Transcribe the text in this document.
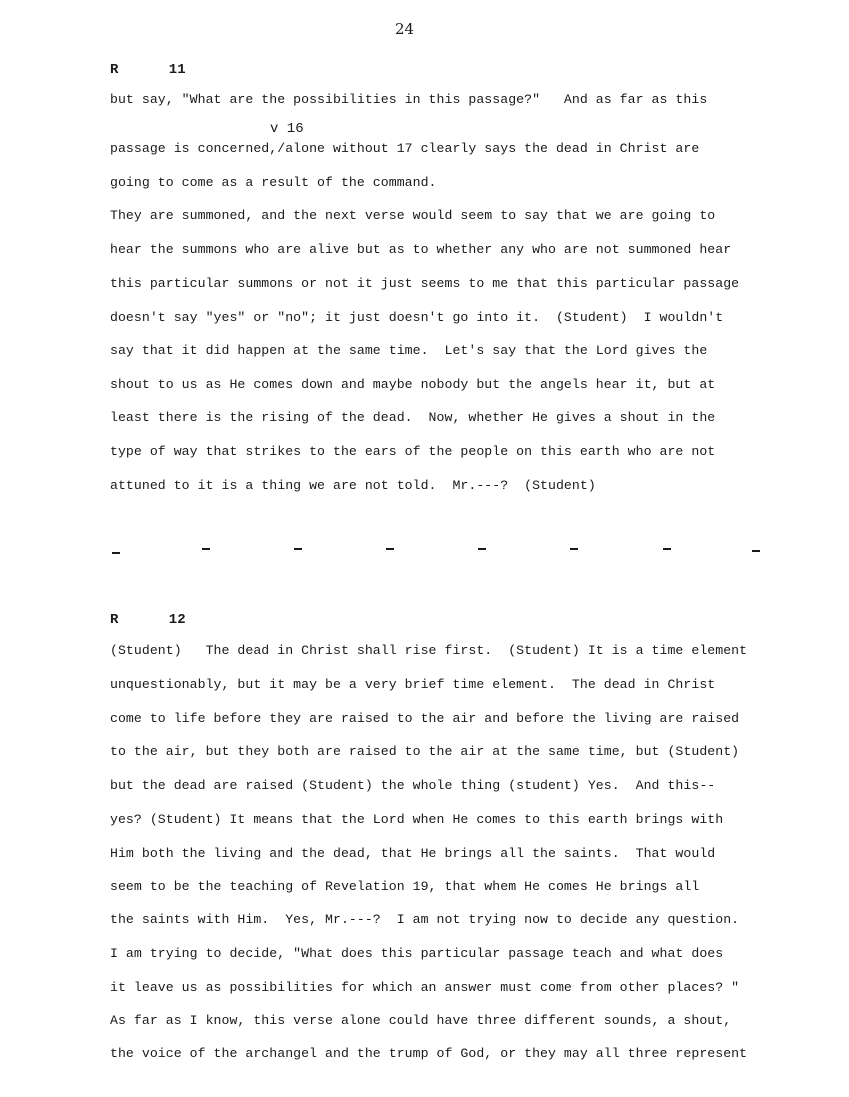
24
R      11
but say, "What are the possibilities in this passage?"   And as far as this
v 16
passage is concerned,/alone without 17 clearly says the dead in Christ are
going to come as a result of the command.
They are summoned, and the next verse would seem to say that we are going to
hear the summons who are alive but as to whether any who are not summoned hear
this particular summons or not it just seems to me that this particular passage
doesn't say "yes" or "no"; it just doesn't go into it.  (Student)  I wouldn't
say that it did happen at the same time.  Let's say that the Lord gives the
shout to us as He comes down and maybe nobody but the angels hear it, but at
least there is the rising of the dead.  Now, whether He gives a shout in the
type of way that strikes to the ears of the people on this earth who are not
attuned to it is a thing we are not told.  Mr.---?  (Student)
R      12
(Student)   The dead in Christ shall rise first.  (Student) It is a time element
unquestionably, but it may be a very brief time element.  The dead in Christ
come to life before they are raised to the air and before the living are raised
to the air, but they both are raised to the air at the same time, but (Student)
but the dead are raised (Student) the whole thing (student) Yes.  And this--
yes? (Student) It means that the Lord when He comes to this earth brings with
Him both the living and the dead, that He brings all the saints.  That would
seem to be the teaching of Revelation 19, that whem He comes He brings all
the saints with Him.  Yes, Mr.---?  I am not trying now to decide any question.
I am trying to decide, "What does this particular passage teach and what does
it leave us as possibilities for which an answer must come from other places? "
As far as I know, this verse alone could have three different sounds, a shout,
the voice of the archangel and the trump of God, or they may all three represent
